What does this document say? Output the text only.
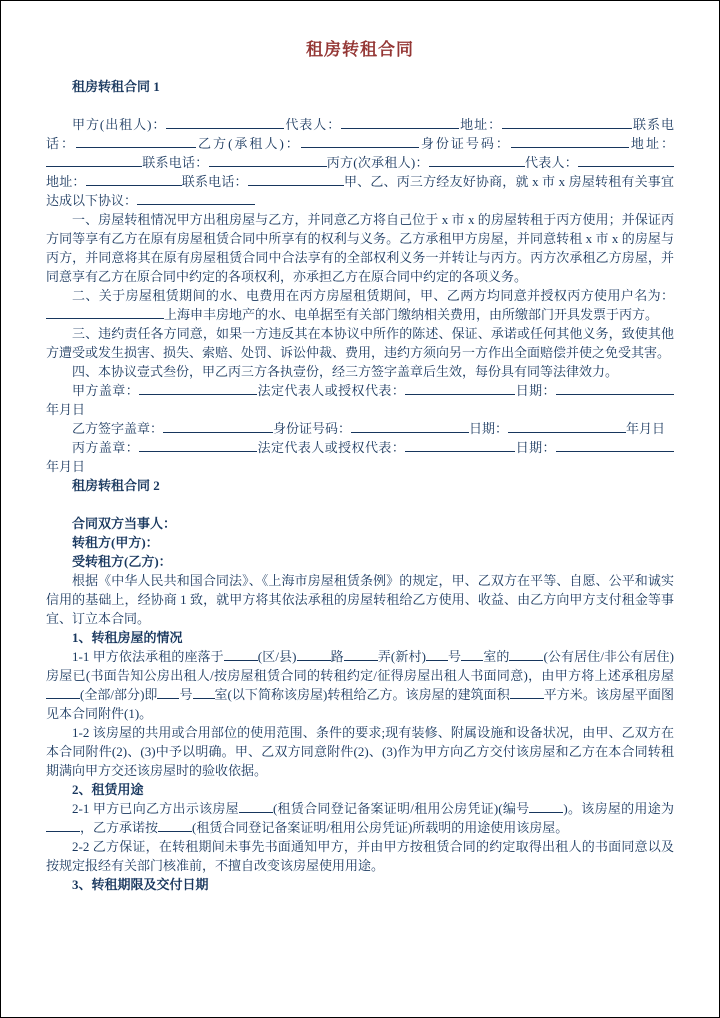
租房转租合同

租房转租合同 1

甲方(出租人)：	代表人：	地址：	联系电话：	乙方(承租人)：	身份证号码：	地址：联系电话：	丙方(次承租人)：	代表人：地址：	联系电话：	甲、乙、丙三方经友好协商，就 x 市 x 房屋转租有关事宜达成以下协议：

一、房屋转租情况甲方出租房屋与乙方，并同意乙方将自己位于 x 市 x 的房屋转租于丙方使用；并保证丙方同等享有乙方在原有房屋租赁合同中所享有的权利与义务。乙方承租甲方房屋，并同意转租 x 市 x 的房屋与丙方，并同意将其在原有房屋租赁合同中合法享有的全部权利义务一并转让与丙方。丙方次承租乙方房屋，并同意享有乙方在原合同中约定的各项权利，亦承担乙方在原合同中约定的各项义务。

二、关于房屋租赁期间的水、电费用在丙方房屋租赁期间，甲、乙两方均同意并授权丙方使用户名为：上海申丰房地产的水、电单据至有关部门缴纳相关费用，由所缴部门开具发票于丙方。

三、违约责任各方同意，如果一方违反其在本协议中所作的陈述、保证、承诺或任何其他义务，致使其他方遭受或发生损害、损失、索赔、处罚、诉讼仲裁、费用，违约方须向另一方作出全面赔偿并使之免受其害。

四、本协议壹式叁份，甲乙丙三方各执壹份，经三方签字盖章后生效，每份具有同等法律效力。

甲方盖章：	法定代表人或授权代表：	日期：年月日

乙方签字盖章：	身份证号码：	日期：	年月日

丙方盖章：	法定代表人或授权代表：	日期：年月日

租房转租合同 2

合同双方当事人：

转租方(甲方)：

受转租方(乙方)：

根据《中华人民共和国合同法》、《上海市房屋租赁条例》的规定，甲、乙双方在平等、自愿、公平和诚实信用的基础上，经协商 1 致，就甲方将其依法承租的房屋转租给乙方使用、收益、由乙方向甲方支付租金等事宜、订立本合同。

1、转租房屋的情况

1-1 甲方依法承租的座落于	(区/县)	路	弄(新村) 号 室的	(公有居住/非公有居住)房屋已(书面告知公房出租人/按房屋租赁合同的转租约定/征得房屋出租人书面同意)，由甲方将上述承租房屋(全部/部分)即 号 室(以下简称该房屋)转租给乙方。该房屋的建筑面积	平方米。该房屋平面图见本合同附件(1)。

1-2 该房屋的共用或合用部位的使用范围、条件的要求;现有装修、附属设施和设备状况，由甲、乙双方在本合同附件(2)、(3)中予以明确。甲、乙双方同意附件(2)、(3)作为甲方向乙方交付该房屋和乙方在本合同转租期满向甲方交还该房屋时的验收依据。

2、租赁用途

2-1 甲方已向乙方出示该房屋	(租赁合同登记备案证明/租用公房凭证)(编号	)。该房屋的用途为，乙方承诺按	(租赁合同登记备案证明/租用公房凭证)所载明的用途使用该房屋。

2-2 乙方保证，在转租期间未事先书面通知甲方，并由甲方按租赁合同的约定取得出租人的书面同意以及按规定报经有关部门核准前，不擅自改变该房屋使用用途。

3、转租期限及交付日期
